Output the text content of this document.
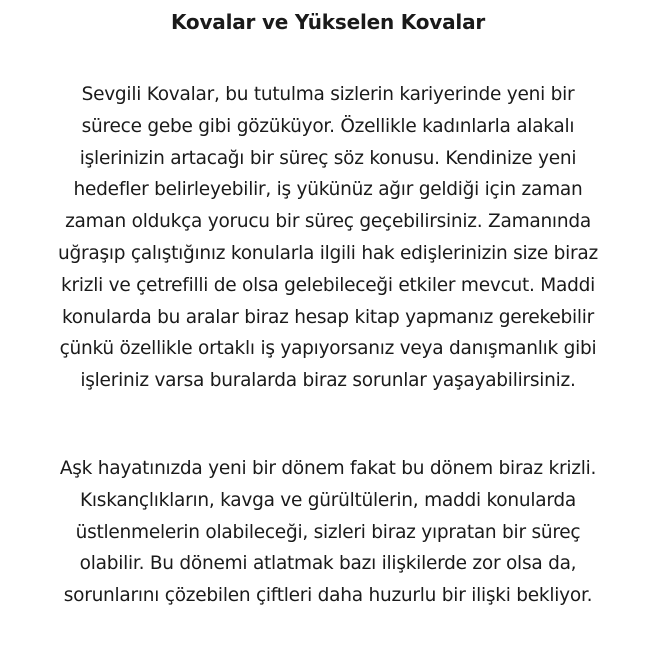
Kovalar ve Yükselen Kovalar
Sevgili Kovalar, bu tutulma sizlerin kariyerinde yeni bir
sürece gebe gibi gözüküyor. Özellikle kadınlarla alakalı
işlerinizin artacağı bir süreç söz konusu. Kendinize yeni
hedefler belirleyebilir, iş yükünüz ağır geldiği için zaman
zaman oldukça yorucu bir süreç geçebilirsiniz. Zamanında
uğraşıp çalıştığınız konularla ilgili hak edişlerinizin size biraz
krizli ve çetrefilli de olsa gelebileceği etkiler mevcut. Maddi
konularda bu aralar biraz hesap kitap yapmanız gerekebilir
çünkü özellikle ortaklı iş yapıyorsanız veya danışmanlık gibi
işleriniz varsa buralarda biraz sorunlar yaşayabilirsiniz.
Aşk hayatınızda yeni bir dönem fakat bu dönem biraz krizli.
Kıskançlıkların, kavga ve gürültülerin, maddi konularda
üstlenmelerin olabileceği, sizleri biraz yıpratan bir süreç
olabilir. Bu dönemi atlatmak bazı ilişkilerde zor olsa da,
sorunlarını çözebilen çiftleri daha huzurlu bir ilişki bekliyor.
